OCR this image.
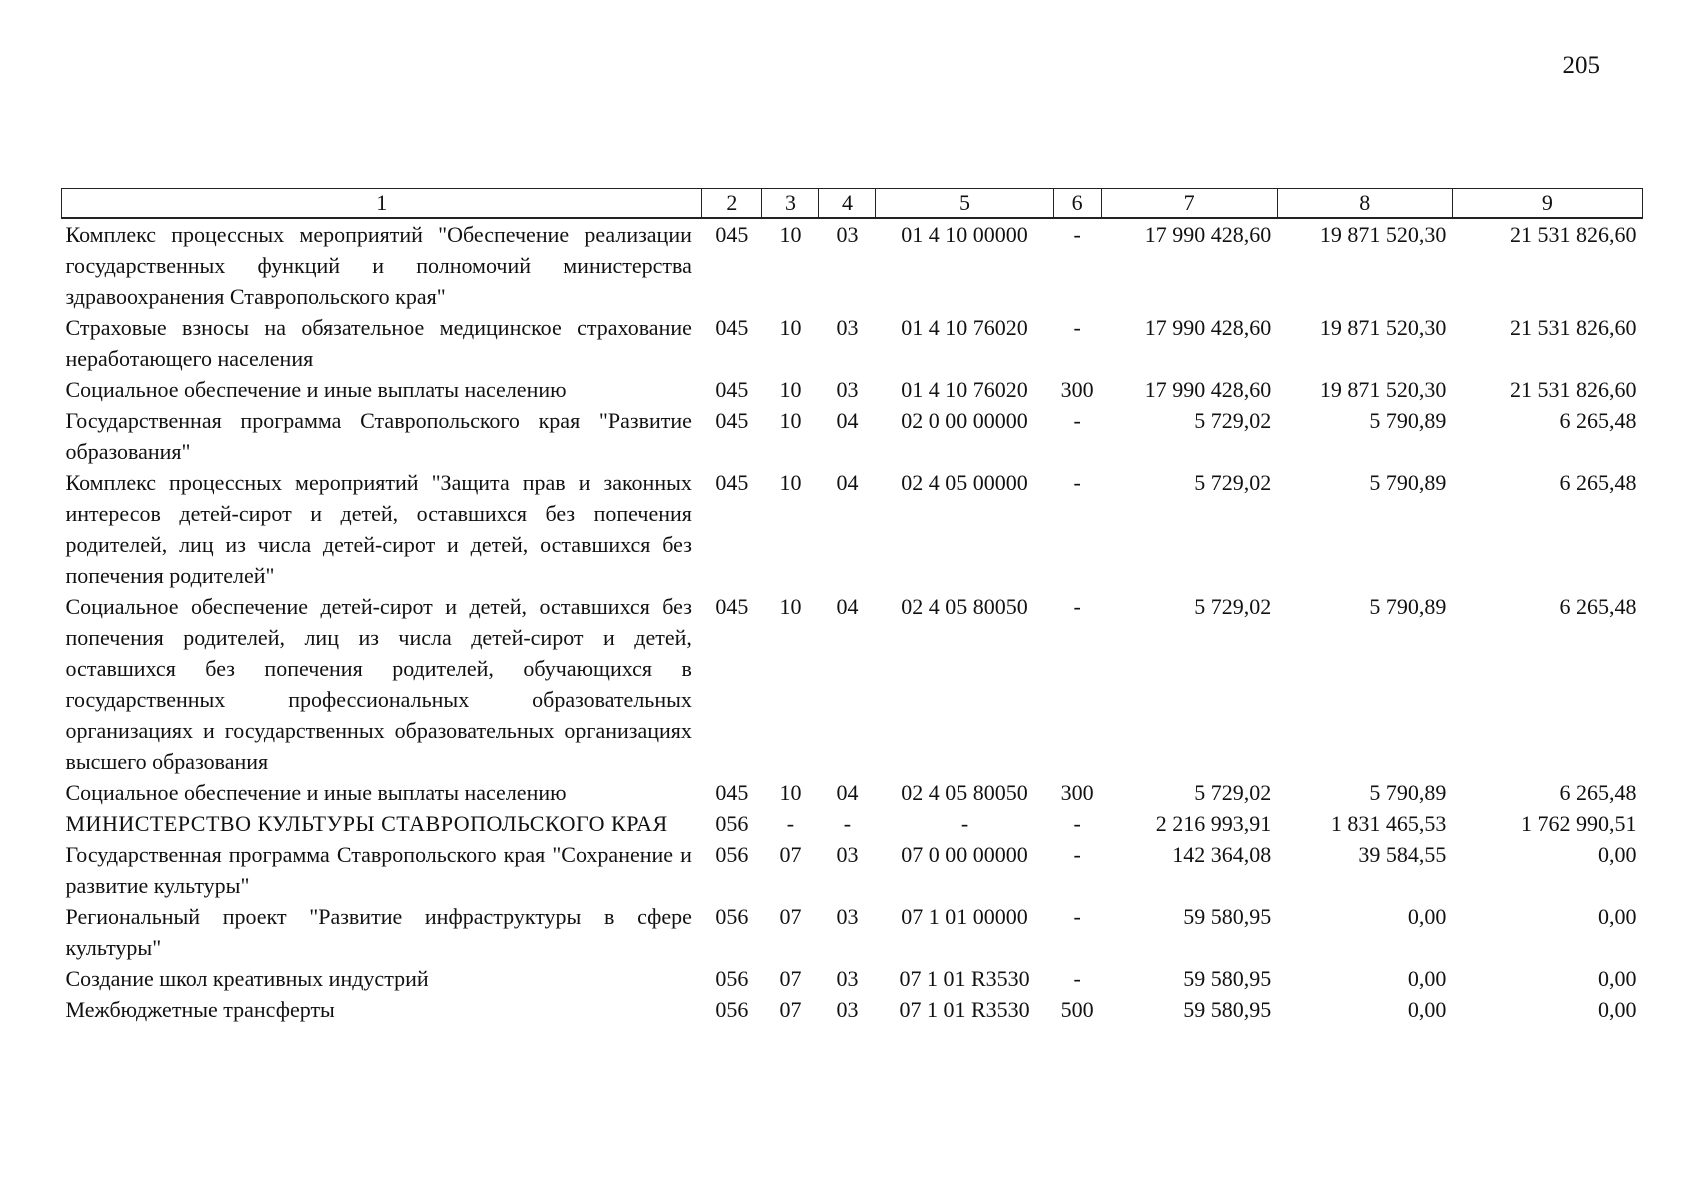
205
1	2	3	4	5	6	7	8	9
Комплекс процессных мероприятий "Обеспечение реализации государственных функций и полномочий министерства здравоохранения Ставропольского края"	045	10	03	01 4 10 00000	-	17 990 428,60	19 871 520,30	21 531 826,60
Страховые взносы на обязательное медицинское страхование неработающего населения	045	10	03	01 4 10 76020	-	17 990 428,60	19 871 520,30	21 531 826,60
Социальное обеспечение и иные выплаты населению	045	10	03	01 4 10 76020	300	17 990 428,60	19 871 520,30	21 531 826,60
Государственная программа Ставропольского края "Развитие образования"	045	10	04	02 0 00 00000	-	5 729,02	5 790,89	6 265,48
Комплекс процессных мероприятий "Защита прав и законных интересов детей-сирот и детей, оставшихся без попечения родителей, лиц из числа детей-сирот и детей, оставшихся без попечения родителей"	045	10	04	02 4 05 00000	-	5 729,02	5 790,89	6 265,48
Социальное обеспечение детей-сирот и детей, оставшихся без попечения родителей, лиц из числа детей-сирот и детей, оставшихся без попечения родителей, обучающихся в государственных профессиональных образовательных организациях и государственных образовательных организациях высшего образования	045	10	04	02 4 05 80050	-	5 729,02	5 790,89	6 265,48
Социальное обеспечение и иные выплаты населению	045	10	04	02 4 05 80050	300	5 729,02	5 790,89	6 265,48
МИНИСТЕРСТВО КУЛЬТУРЫ СТАВРОПОЛЬСКОГО КРАЯ	056	-	-	-	-	2 216 993,91	1 831 465,53	1 762 990,51
Государственная программа Ставропольского края "Сохранение и развитие культуры"	056	07	03	07 0 00 00000	-	142 364,08	39 584,55	0,00
Региональный проект "Развитие инфраструктуры в сфере культуры"	056	07	03	07 1 01 00000	-	59 580,95	0,00	0,00
Создание школ креативных индустрий	056	07	03	07 1 01 R3530	-	59 580,95	0,00	0,00
Межбюджетные трансферты	056	07	03	07 1 01 R3530	500	59 580,95	0,00	0,00
